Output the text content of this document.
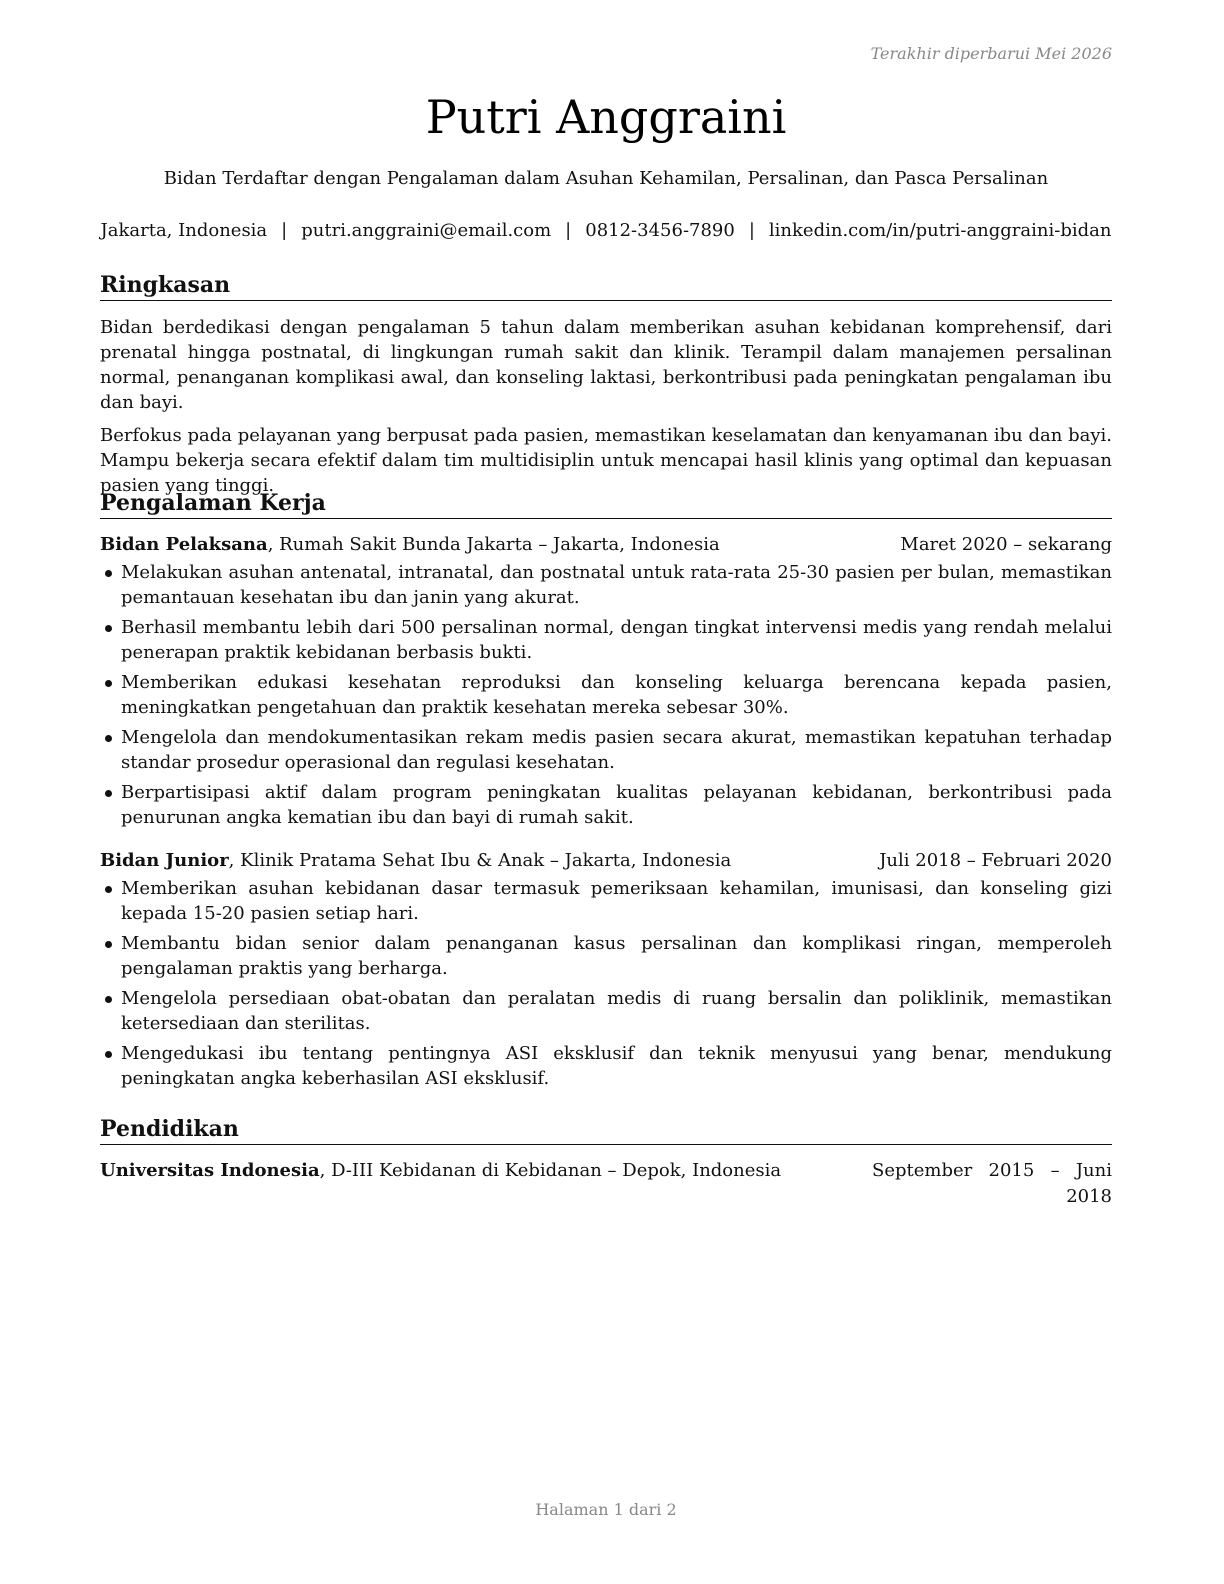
Terakhir diperbarui Mei 2026
Putri Anggraini
Bidan Terdaftar dengan Pengalaman dalam Asuhan Kehamilan, Persalinan, dan Pasca Persalinan
Jakarta, Indonesia | putri.anggraini@email.com | 0812-3456-7890 | linkedin.com/in/putri-anggraini-bidan
Ringkasan

Bidan berdedikasi dengan pengalaman 5 tahun dalam memberikan asuhan kebidanan komprehensif, dari prenatal hingga postnatal, di lingkungan rumah sakit dan klinik. Terampil dalam manajemen persalinan normal, penanganan komplikasi awal, dan konseling laktasi, berkontribusi pada peningkatan pengalaman ibu dan bayi.

Berfokus pada pelayanan yang berpusat pada pasien, memastikan keselamatan dan kenyamanan ibu dan bayi. Mampu bekerja secara efektif dalam tim multidisiplin untuk mencapai hasil klinis yang optimal dan kepuasan pasien yang tinggi.

Pengalaman Kerja
Bidan Pelaksana, Rumah Sakit Bunda Jakarta – Jakarta, Indonesia	Maret 2020 – sekarang
Melakukan asuhan antenatal, intranatal, dan postnatal untuk rata-rata 25-30 pasien per bulan, memastikan pemantauan kesehatan ibu dan janin yang akurat.
Berhasil membantu lebih dari 500 persalinan normal, dengan tingkat intervensi medis yang rendah melalui penerapan praktik kebidanan berbasis bukti.
Memberikan edukasi kesehatan reproduksi dan konseling keluarga berencana kepada pasien, meningkatkan pengetahuan dan praktik kesehatan mereka sebesar 30%.
Mengelola dan mendokumentasikan rekam medis pasien secara akurat, memastikan kepatuhan terhadap standar prosedur operasional dan regulasi kesehatan.
Berpartisipasi aktif dalam program peningkatan kualitas pelayanan kebidanan, berkontribusi pada penurunan angka kematian ibu dan bayi di rumah sakit.
Bidan Junior, Klinik Pratama Sehat Ibu & Anak – Jakarta, Indonesia	Juli 2018 – Februari 2020
Memberikan asuhan kebidanan dasar termasuk pemeriksaan kehamilan, imunisasi, dan konseling gizi kepada 15-20 pasien setiap hari.
Membantu bidan senior dalam penanganan kasus persalinan dan komplikasi ringan, memperoleh pengalaman praktis yang berharga.
Mengelola persediaan obat-obatan dan peralatan medis di ruang bersalin dan poliklinik, memastikan ketersediaan dan sterilitas.
Mengedukasi ibu tentang pentingnya ASI eksklusif dan teknik menyusui yang benar, mendukung peningkatan angka keberhasilan ASI eksklusif.
Pendidikan
Universitas Indonesia, D-III Kebidanan di Kebidanan – Depok, Indonesia	September 2015 – Juni 2018
Halaman 1 dari 2
